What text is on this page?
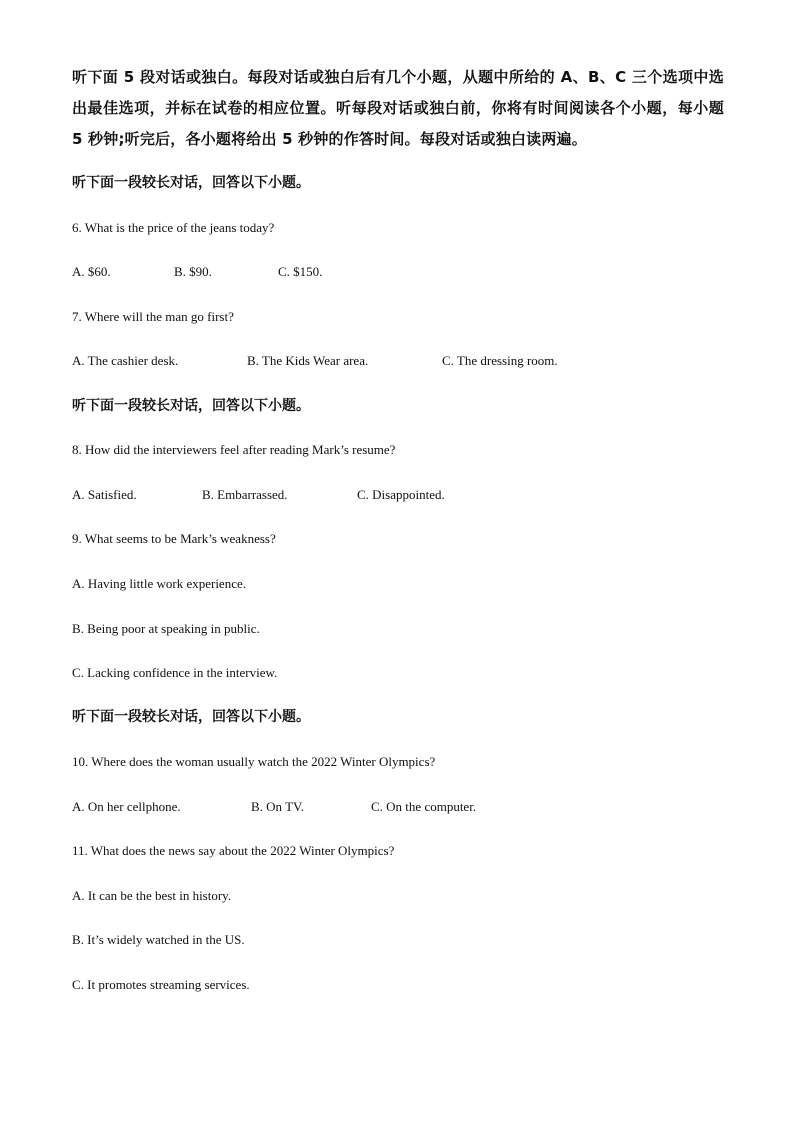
听下面 5 段对话或独白。每段对话或独白后有几个小题，从题中所给的 A、B、C 三个选项中选出最佳选项，并标在试卷的相应位置。听每段对话或独白前，你将有时间阅读各个小题，每小题 5 秒钟;听完后，各小题将给出 5 秒钟的作答时间。每段对话或独白读两遍。
听下面一段较长对话，回答以下小题。
6. What is the price of the jeans today?
A. $60.	B. $90.	C. $150.
7. Where will the man go first?
A. The cashier desk.	B. The Kids Wear area.	C. The dressing room.
听下面一段较长对话，回答以下小题。
8. How did the interviewers feel after reading Mark’s resume?
A. Satisfied.	B. Embarrassed.	C. Disappointed.
9. What seems to be Mark’s weakness?
A. Having little work experience.
B. Being poor at speaking in public.
C. Lacking confidence in the interview.
听下面一段较长对话，回答以下小题。
10. Where does the woman usually watch the 2022 Winter Olympics?
A. On her cellphone.	B. On TV.	C. On the computer.
11. What does the news say about the 2022 Winter Olympics?
A. It can be the best in history.
B. It’s widely watched in the US.
C. It promotes streaming services.
